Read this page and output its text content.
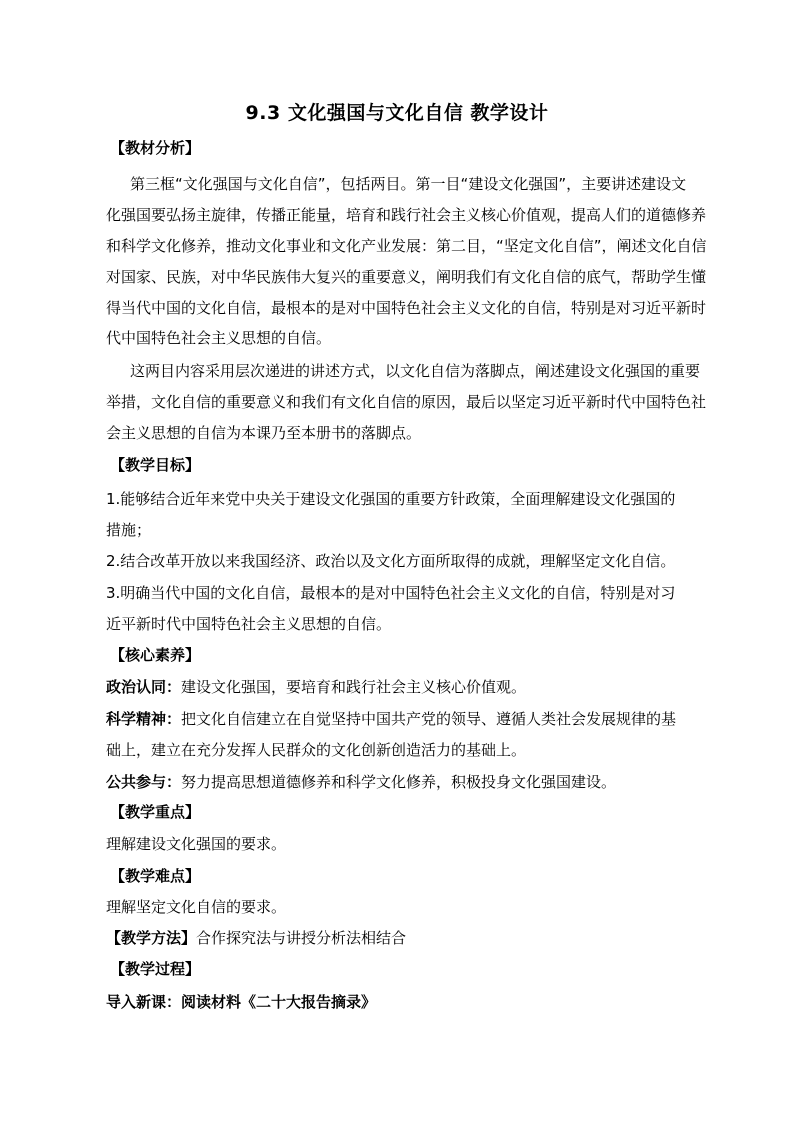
9.3 文化强国与文化自信 教学设计
【教材分析】
第三框“文化强国与文化自信”，包括两目。第一目“建设文化强国”，主要讲述建设文
化强国要弘扬主旋律，传播正能量，培育和践行社会主义核心价值观，提高人们的道德修养
和科学文化修养，推动文化事业和文化产业发展：第二目，“坚定文化自信”，阐述文化自信
对国家、民族，对中华民族伟大复兴的重要意义，阐明我们有文化自信的底气，帮助学生懂
得当代中国的文化自信，最根本的是对中国特色社会主义文化的自信，特别是对习近平新时
代中国特色社会主义思想的自信。
这两目内容采用层次递进的讲述方式，以文化自信为落脚点，阐述建设文化强国的重要
举措，文化自信的重要意义和我们有文化自信的原因，最后以坚定习近平新时代中国特色社
会主义思想的自信为本课乃至本册书的落脚点。
【教学目标】
1.能够结合近年来党中央关于建设文化强国的重要方针政策，全面理解建设文化强国的
措施；
2.结合改革开放以来我国经济、政治以及文化方面所取得的成就，理解坚定文化自信。
3.明确当代中国的文化自信，最根本的是对中国特色社会主义文化的自信，特别是对习
近平新时代中国特色社会主义思想的自信。
【核心素养】
政治认同：建设文化强国，要培育和践行社会主义核心价值观。
科学精神：把文化自信建立在自觉坚持中国共产党的领导、遵循人类社会发展规律的基
础上，建立在充分发挥人民群众的文化创新创造活力的基础上。
公共参与：努力提高思想道德修养和科学文化修养，积极投身文化强国建设。
【教学重点】
理解建设文化强国的要求。
【教学难点】
理解坚定文化自信的要求。
【教学方法】合作探究法与讲授分析法相结合
【教学过程】
导入新课：阅读材料《二十大报告摘录》
